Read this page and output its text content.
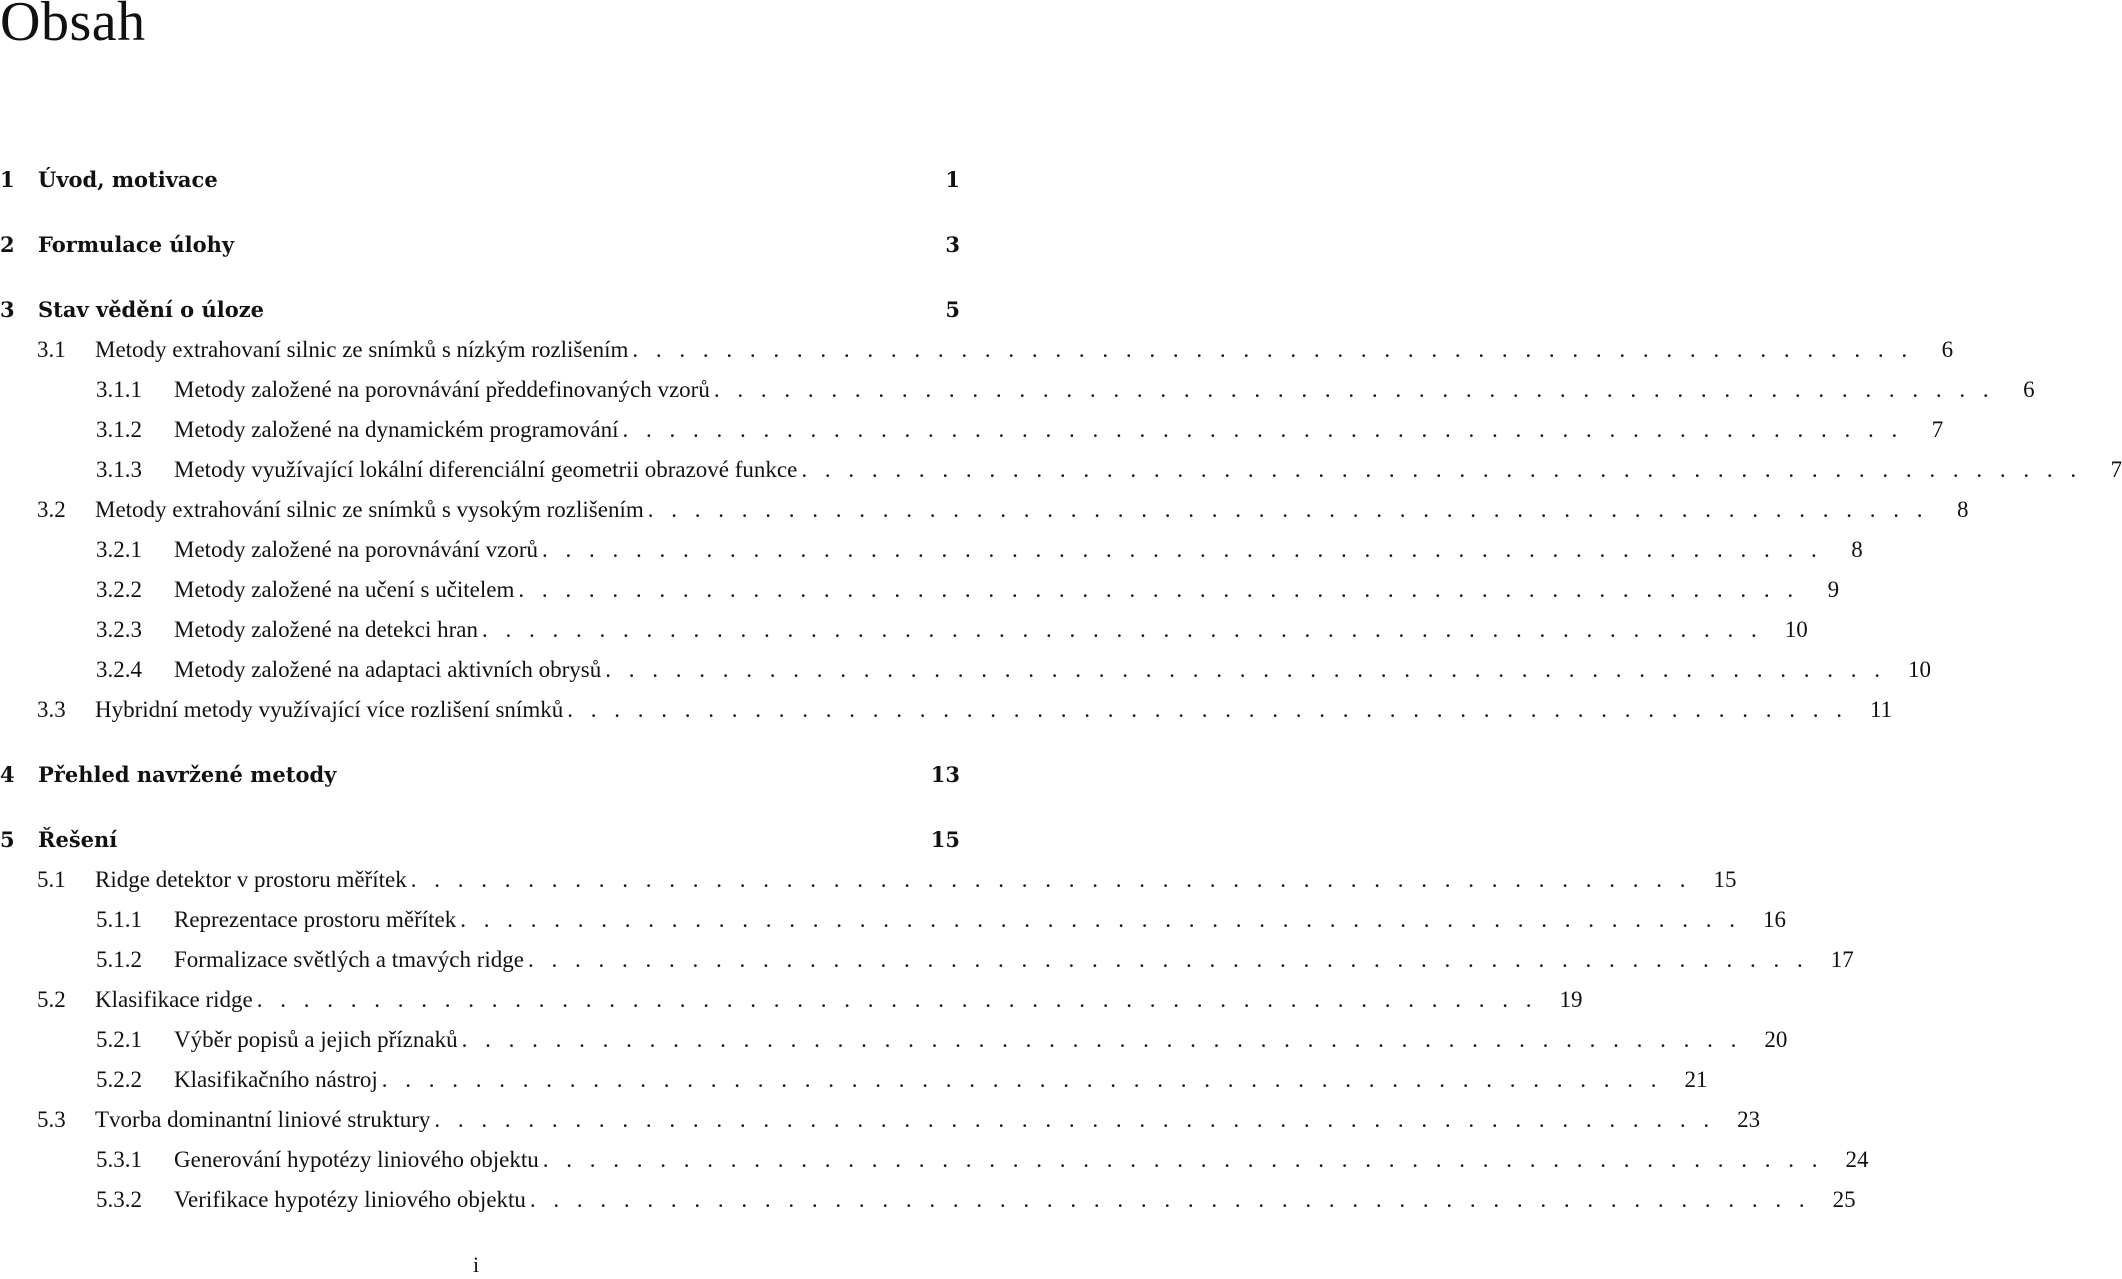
Obsah
1	Úvod, motivace	1
2	Formulace úlohy	3
3	Stav vědění o úloze	5
3.1	Metody extrahovaní silnic ze snímků s nízkým rozlišením . . . . . . . . . . . . . . . . . . . . . . . . . . . . . . . . . . . . . . . . . . . . . . . . . . . . . . .	6
3.1.1	Metody založené na porovnávání předdefinovaných vzorů . . . . . . . . . . . . . . . . . . . . . . . . . . . . . . . . . . . . . . . . . . . . . . . . . . . . . . .	6
3.1.2	Metody založené na dynamickém programování . . . . . . . . . . . . . . . . . . . . . . . . . . . . . . . . . . . . . . . . . . . . . . . . . . . . . . .	7
3.1.3	Metody využívající lokální diferenciální geometrii obrazové funkce . . . . . . . . . . . . . . . . . . . . . . . . . . . . . . . . . . . . . . . . . . . . . . . . . . . . . . .	7
3.2	Metody extrahování silnic ze snímků s vysokým rozlišením . . . . . . . . . . . . . . . . . . . . . . . . . . . . . . . . . . . . . . . . . . . . . . . . . . . . . . .	8
3.2.1	Metody založené na porovnávání vzorů . . . . . . . . . . . . . . . . . . . . . . . . . . . . . . . . . . . . . . . . . . . . . . . . . . . . . . .	8
3.2.2	Metody založené na učení s učitelem . . . . . . . . . . . . . . . . . . . . . . . . . . . . . . . . . . . . . . . . . . . . . . . . . . . . . . .	9
3.2.3	Metody založené na detekci hran . . . . . . . . . . . . . . . . . . . . . . . . . . . . . . . . . . . . . . . . . . . . . . . . . . . . . . . 10
3.2.4	Metody založené na adaptaci aktivních obrysů . . . . . . . . . . . . . . . . . . . . . . . . . . . . . . . . . . . . . . . . . . . . . . . . . . . . . . . 10
3.3	Hybridní metody využívající více rozlišení snímků . . . . . . . . . . . . . . . . . . . . . . . . . . . . . . . . . . . . . . . . . . . . . . . . . . . . . . . 11
4	Přehled navržené metody	13
5	Řešení	15
5.1	Ridge detektor v prostoru měřítek . . . . . . . . . . . . . . . . . . . . . . . . . . . . . . . . . . . . . . . . . . . . . . . . . . . . . . . 15
5.1.1	Reprezentace prostoru měřítek . . . . . . . . . . . . . . . . . . . . . . . . . . . . . . . . . . . . . . . . . . . . . . . . . . . . . . . 16
5.1.2	Formalizace světlých a tmavých ridge . . . . . . . . . . . . . . . . . . . . . . . . . . . . . . . . . . . . . . . . . . . . . . . . . . . . . . . 17
5.2	Klasifikace ridge . . . . . . . . . . . . . . . . . . . . . . . . . . . . . . . . . . . . . . . . . . . . . . . . . . . . . . . 19
5.2.1	Výběr popisů a jejich příznaků . . . . . . . . . . . . . . . . . . . . . . . . . . . . . . . . . . . . . . . . . . . . . . . . . . . . . . . 20
5.2.2	Klasifikačního nástroj . . . . . . . . . . . . . . . . . . . . . . . . . . . . . . . . . . . . . . . . . . . . . . . . . . . . . . . 21
5.3	Tvorba dominantní liniové struktury . . . . . . . . . . . . . . . . . . . . . . . . . . . . . . . . . . . . . . . . . . . . . . . . . . . . . . . 23
5.3.1	Generování hypotézy liniového objektu . . . . . . . . . . . . . . . . . . . . . . . . . . . . . . . . . . . . . . . . . . . . . . . . . . . . . . . 24
5.3.2	Verifikace hypotézy liniového objektu . . . . . . . . . . . . . . . . . . . . . . . . . . . . . . . . . . . . . . . . . . . . . . . . . . . . . . . 25
i
